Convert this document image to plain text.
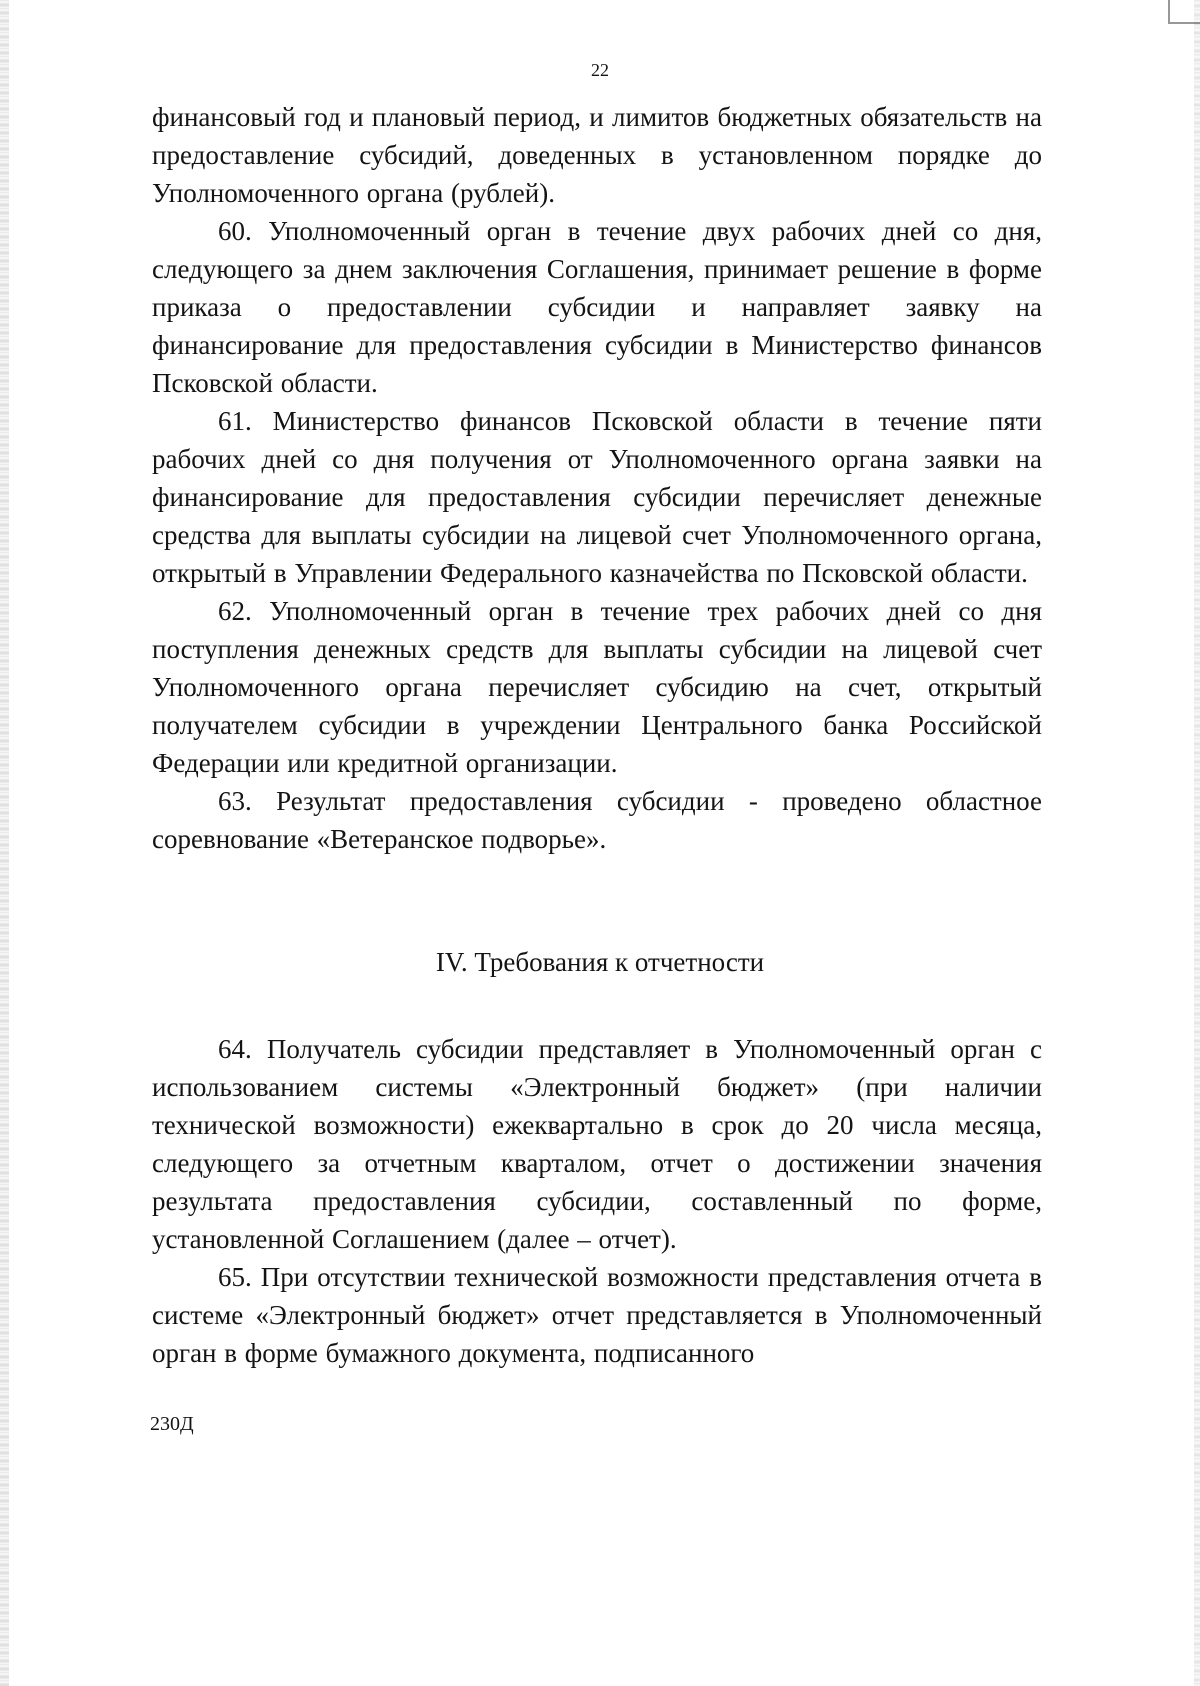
22

финансовый год и плановый период, и лимитов бюджетных обязательств на предоставление субсидий, доведенных в установленном порядке до Уполномоченного органа (рублей).

60. Уполномоченный орган в течение двух рабочих дней со дня, следующего за днем заключения Соглашения, принимает решение в форме приказа о предоставлении субсидии и направляет заявку на финансирование для предоставления субсидии в Министерство финансов Псковской области.

61. Министерство финансов Псковской области в течение пяти рабочих дней со дня получения от Уполномоченного органа заявки на финансирование для предоставления субсидии перечисляет денежные средства для выплаты субсидии на лицевой счет Уполномоченного органа, открытый в Управлении Федерального казначейства по Псковской области.

62. Уполномоченный орган в течение трех рабочих дней со дня поступления денежных средств для выплаты субсидии на лицевой счет Уполномоченного органа перечисляет субсидию на счет, открытый получателем субсидии в учреждении Центрального банка Российской Федерации или кредитной организации.

63. Результат предоставления субсидии - проведено областное соревнование «Ветеранское подворье».

IV. Требования к отчетности

64. Получатель субсидии представляет в Уполномоченный орган с использованием системы «Электронный бюджет» (при наличии технической возможности) ежеквартально в срок до 20 числа месяца, следующего за отчетным кварталом, отчет о достижении значения результата предоставления субсидии, составленный по форме, установленной Соглашением (далее – отчет).

65. При отсутствии технической возможности представления отчета в системе «Электронный бюджет» отчет представляется в Уполномоченный орган в форме бумажного документа, подписанного

230Д
